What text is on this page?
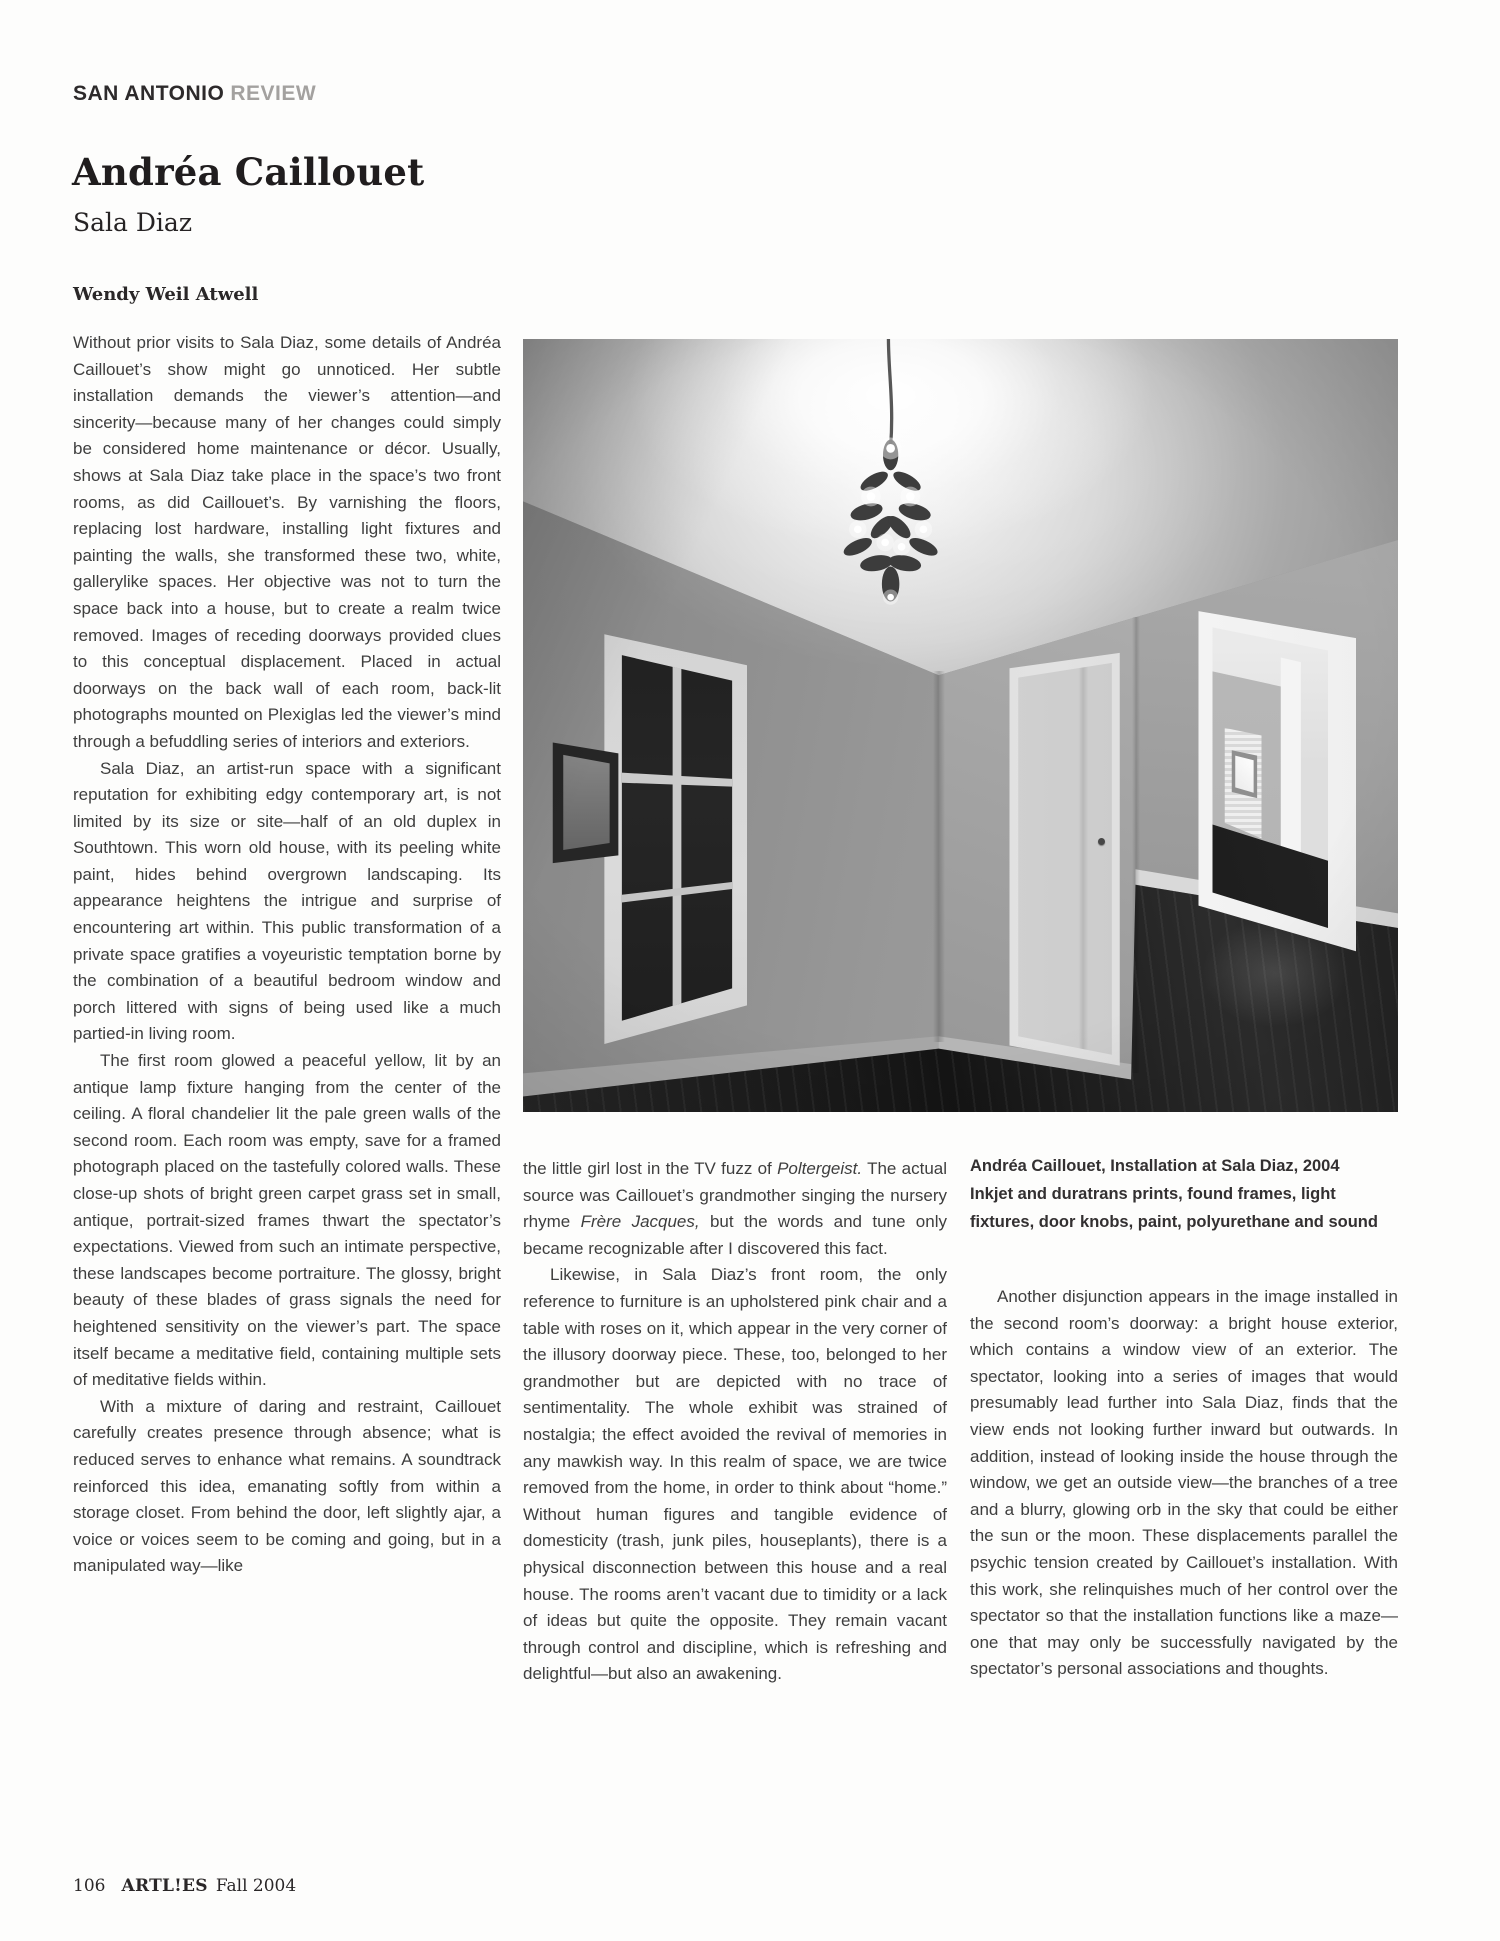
SAN ANTONIO REVIEW
Andréa Caillouet
Sala Diaz
Wendy Weil Atwell

Without prior visits to Sala Diaz, some details of Andréa Caillouet’s show might go unnoticed. Her subtle installation demands the viewer’s attention—and sincerity—because many of her changes could simply be considered home maintenance or décor. Usually, shows at Sala Diaz take place in the space’s two front rooms, as did Caillouet’s. By varnishing the floors, replacing lost hardware, installing light fixtures and painting the walls, she transformed these two, white, gallerylike spaces. Her objective was not to turn the space back into a house, but to create a realm twice removed. Images of receding doorways provided clues to this conceptual displacement. Placed in actual doorways on the back wall of each room, back-lit photographs mounted on Plexiglas led the viewer’s mind through a befuddling series of interiors and exteriors.

Sala Diaz, an artist-run space with a significant reputation for exhibiting edgy contemporary art, is not limited by its size or site—half of an old duplex in Southtown. This worn old house, with its peeling white paint, hides behind overgrown landscaping. Its appearance heightens the intrigue and surprise of encountering art within. This public transformation of a private space gratifies a voyeuristic temptation borne by the combination of a beautiful bedroom window and porch littered with signs of being used like a much partied-in living room.

The first room glowed a peaceful yellow, lit by an antique lamp fixture hanging from the center of the ceiling. A floral chandelier lit the pale green walls of the second room. Each room was empty, save for a framed photograph placed on the tastefully colored walls. These close-up shots of bright green carpet grass set in small, antique, portrait-sized frames thwart the spectator’s expectations. Viewed from such an intimate perspective, these landscapes become portraiture. The glossy, bright beauty of these blades of grass signals the need for heightened sensitivity on the viewer’s part. The space itself became a meditative field, containing multiple sets of meditative fields within.

With a mixture of daring and restraint, Caillouet carefully creates presence through absence; what is reduced serves to enhance what remains. A soundtrack reinforced this idea, emanating softly from within a storage closet. From behind the door, left slightly ajar, a voice or voices seem to be coming and going, but in a manipulated way—like

the little girl lost in the TV fuzz of Poltergeist. The actual source was Caillouet’s grandmother singing the nursery rhyme Frère Jacques, but the words and tune only became recognizable after I discovered this fact.

Likewise, in Sala Diaz’s front room, the only reference to furniture is an upholstered pink chair and a table with roses on it, which appear in the very corner of the illusory doorway piece. These, too, belonged to her grandmother but are depicted with no trace of sentimentality. The whole exhibit was strained of nostalgia; the effect avoided the revival of memories in any mawkish way. In this realm of space, we are twice removed from the home, in order to think about “home.” Without human figures and tangible evidence of domesticity (trash, junk piles, houseplants), there is a physical disconnection between this house and a real house. The rooms aren’t vacant due to timidity or a lack of ideas but quite the opposite. They remain vacant through control and discipline, which is refreshing and delightful—but also an awakening.

Andréa Caillouet, Installation at Sala Diaz, 2004
Inkjet and duratrans prints, found frames, light
fixtures, door knobs, paint, polyurethane and sound

Another disjunction appears in the image installed in the second room’s doorway: a bright house exterior, which contains a window view of an exterior. The spectator, looking into a series of images that would presumably lead further into Sala Diaz, finds that the view ends not looking further inward but outwards. In addition, instead of looking inside the house through the window, we get an outside view—the branches of a tree and a blurry, glowing orb in the sky that could be either the sun or the moon. These displacements parallel the psychic tension created by Caillouet’s installation. With this work, she relinquishes much of her control over the spectator so that the installation functions like a maze—one that may only be successfully navigated by the spectator’s personal associations and thoughts.

106 ARTL!ES Fall 2004
